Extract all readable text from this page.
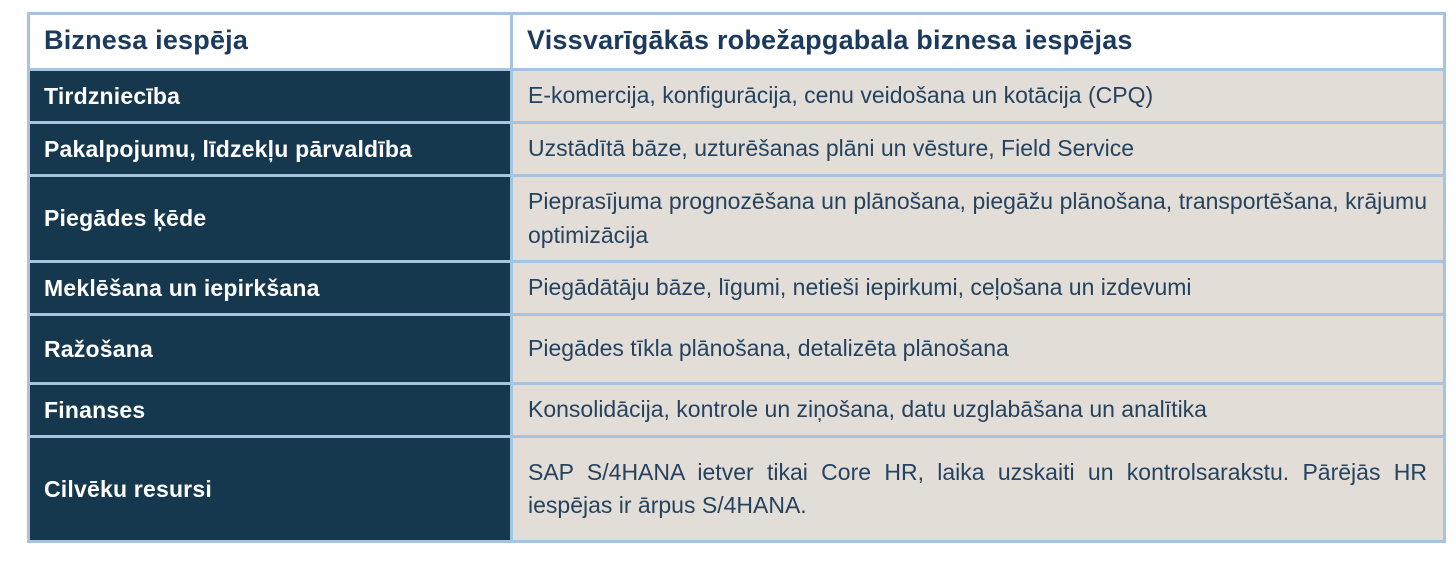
Biznesa iespēja	Vissvarīgākās robežapgabala biznesa iespējas
Tirdzniecība	E-komercija, konfigurācija, cenu veidošana un kotācija (CPQ)
Pakalpojumu, līdzekļu pārvaldība	Uzstādītā bāze, uzturēšanas plāni un vēsture, Field Service
Piegādes ķēde	Pieprasījuma prognozēšana un plānošana, piegāžu plānošana, transportēšana, krājumu optimizācija
Meklēšana un iepirkšana	Piegādātāju bāze, līgumi, netieši iepirkumi, ceļošana un izdevumi
Ražošana	Piegādes tīkla plānošana, detalizēta plānošana
Finanses	Konsolidācija, kontrole un ziņošana, datu uzglabāšana un analītika
Cilvēku resursi	SAP S/4HANA ietver tikai Core HR, laika uzskaiti un kontrolsarakstu. Pārējās HR iespējas ir ārpus S/4HANA.
